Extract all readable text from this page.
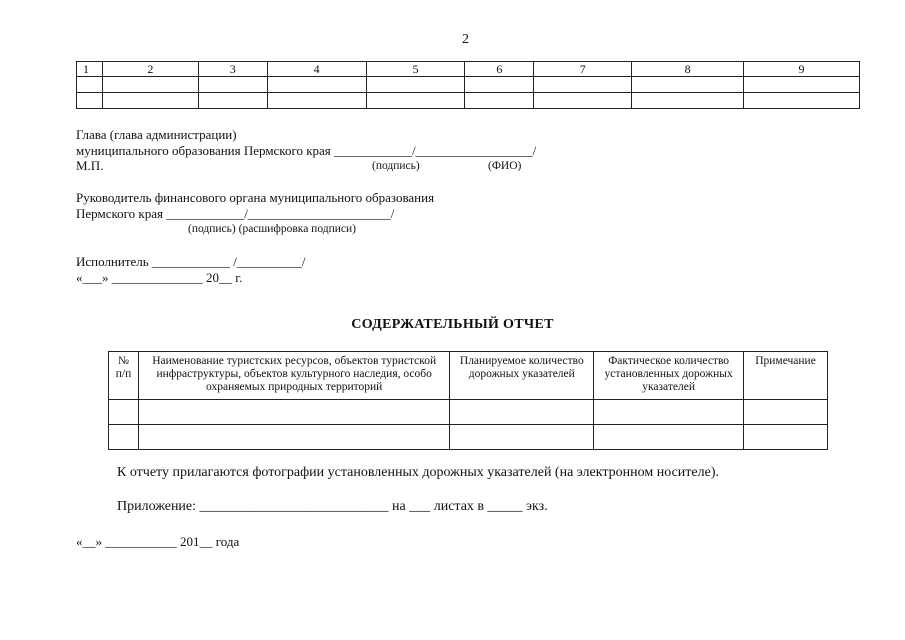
2
1	2	3	4	5	6	7	8	9

Глава (глава администрации)
муниципального образования Пермского края ____________/__________________/
М.П.	(подпись)	(ФИО)
Руководитель финансового органа муниципального образования
Пермского края ____________/______________________/
(подпись) (расшифровка подписи)
Исполнитель ____________ /__________/
«___» ______________ 20__ г.
СОДЕРЖАТЕЛЬНЫЙ ОТЧЕТ
№ п/п	Наименование туристских ресурсов, объектов туристской инфраструктуры, объектов культурного наследия, особо охраняемых природных территорий	Планируемое количество дорожных указателей	Фактическое количество установленных дорожных указателей	Примечание

К отчету прилагаются фотографии установленных дорожных указателей (на электронном носителе).
Приложение: ___________________________ на ___ листах в _____ экз.
«__» ___________ 201__ года
